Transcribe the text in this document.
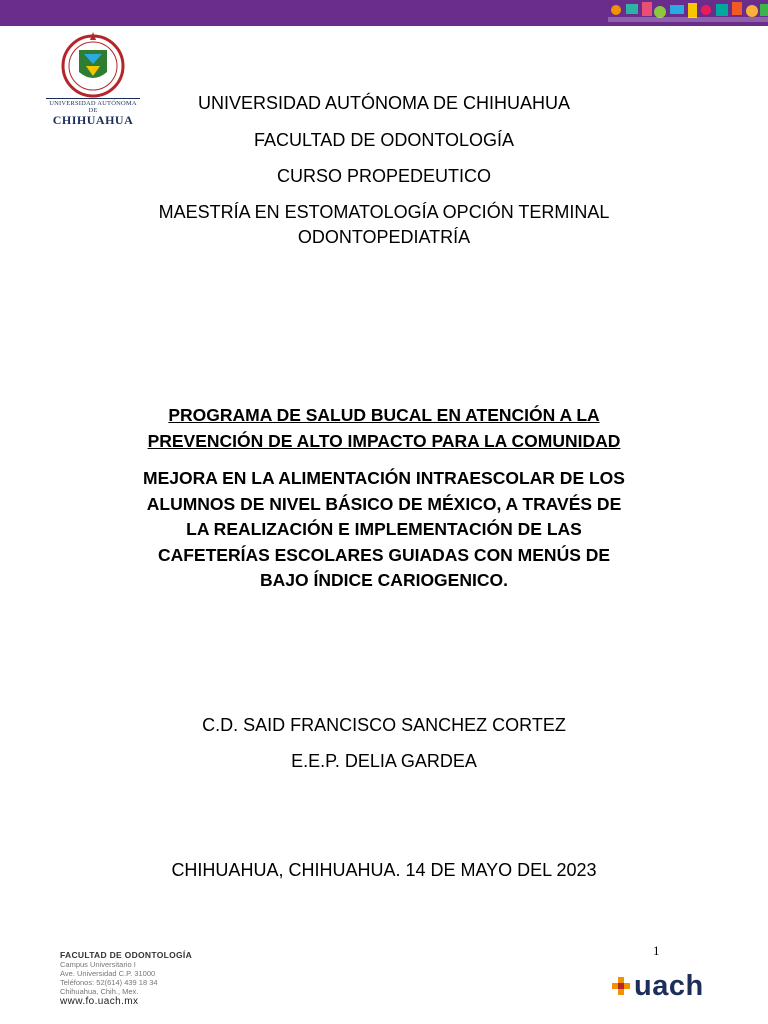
UNIVERSIDAD AUTÓNOMA DE
CHIHUAHUA
UNIVERSIDAD AUTÓNOMA DE CHIHUAHUA
FACULTAD DE ODONTOLOGÍA
CURSO PROPEDEUTICO
MAESTRÍA EN ESTOMATOLOGÍA OPCIÓN TERMINAL
ODONTOPEDIATRÍA
PROGRAMA DE SALUD BUCAL EN ATENCIÓN A LA
PREVENCIÓN DE ALTO IMPACTO PARA LA COMUNIDAD
MEJORA EN LA ALIMENTACIÓN INTRAESCOLAR DE LOS
ALUMNOS DE NIVEL BÁSICO DE MÉXICO, A TRAVÉS DE
LA REALIZACIÓN E IMPLEMENTACIÓN DE LAS
CAFETERÍAS ESCOLARES GUIADAS CON MENÚS DE
BAJO ÍNDICE CARIOGENICO.
C.D. SAID FRANCISCO SANCHEZ CORTEZ
E.E.P. DELIA GARDEA
CHIHUAHUA, CHIHUAHUA. 14 DE MAYO DEL 2023
1
FACULTAD DE ODONTOLOGÍA
Campus Universitario I
Ave. Universidad C.P. 31000
Teléfonos: 52(614) 439 18 34
Chihuahua, Chih., Mex.
www.fo.uach.mx	uach
